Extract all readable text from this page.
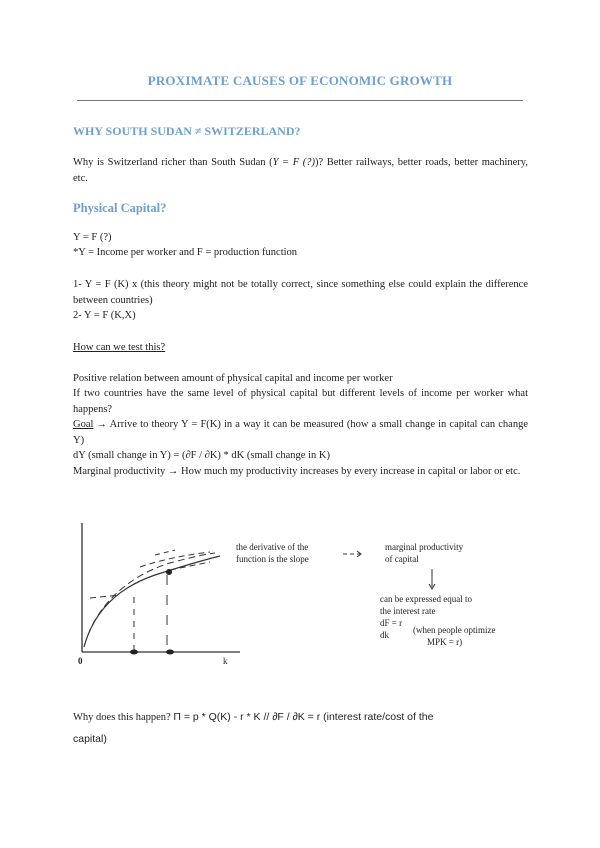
PROXIMATE CAUSES OF ECONOMIC GROWTH
WHY SOUTH SUDAN ≠ SWITZERLAND?
Why is Switzerland richer than South Sudan (Y = F (?))? Better railways, better roads, better machinery, etc.
Physical Capital?
Y = F (?)
*Y = Income per worker and F = production function
1- Y = F (K) x (this theory might not be totally correct, since something else could explain the difference between countries)
2- Y = F (K,X)
How can we test this?
Positive relation between amount of physical capital and income per worker
If two countries have the same level of physical capital but different levels of income per worker what happens?
Goal → Arrive to theory Y = F(K) in a way it can be measured (how a small change in capital can change Y)
dY (small change in Y) = (∂F / ∂K) * dK (small change in K)
Marginal productivity → How much my productivity increases by every increase in capital or labor or etc.
the derivative of the
function is the slope
marginal productivity
of capital
can be expressed equal to
the interest rate
dF = r
dk	(when people optimize
MPK = r)
0	k
Why does this happen? Π = p * Q(K) - r * K // ∂F / ∂K = r (interest rate/cost of the
capital)
